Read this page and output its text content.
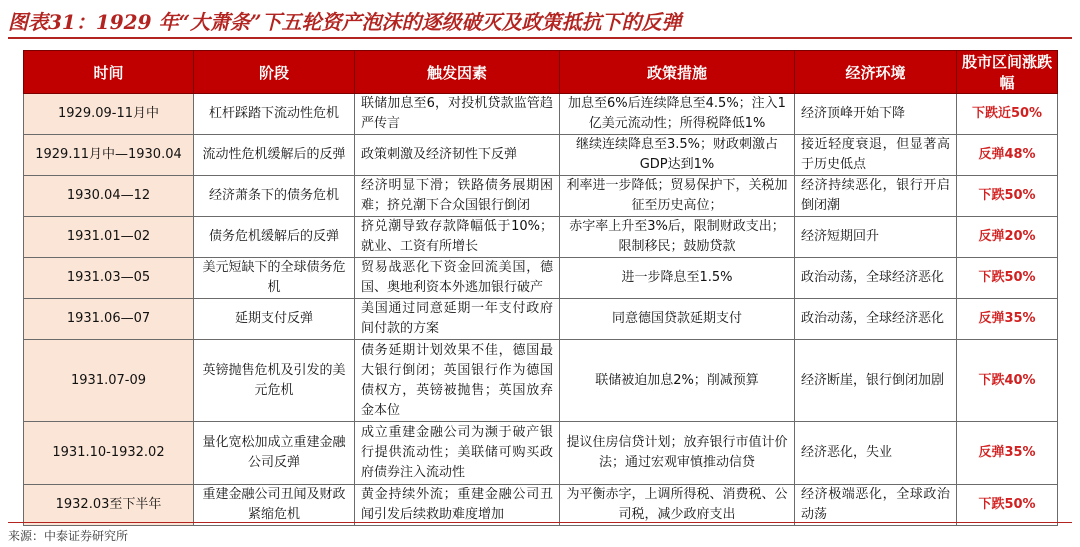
图表31：1929 年“大萧条”下五轮资产泡沫的逐级破灭及政策抵抗下的反弹
时间	阶段	触发因素	政策措施	经济环境	股市区间涨跌幅
1929.09-11月中	杠杆踩踏下流动性危机	联储加息至6，对投机贷款监管趋严传言	加息至6%后连续降息至4.5%；注入1亿美元流动性；所得税降低1%	经济顶峰开始下降	下跌近50%
1929.11月中—1930.04	流动性危机缓解后的反弹	政策刺激及经济韧性下反弹	继续连续降息至3.5%；财政刺激占GDP达到1%	接近轻度衰退，但显著高于历史低点	反弹48%
1930.04—12	经济萧条下的债务危机	经济明显下滑；铁路债务展期困难；挤兑潮下合众国银行倒闭	利率进一步降低；贸易保护下，关税加征至历史高位；	经济持续恶化，银行开启倒闭潮	下跌50%
1931.01—02	债务危机缓解后的反弹	挤兑潮导致存款降幅低于10%；就业、工资有所增长	赤字率上升至3%后，限制财政支出；限制移民；鼓励贷款	经济短期回升	反弹20%
1931.03—05	美元短缺下的全球债务危机	贸易战恶化下资金回流美国，德国、奥地利资本外逃加银行破产	进一步降息至1.5%	政治动荡，全球经济恶化	下跌50%
1931.06—07	延期支付反弹	美国通过同意延期一年支付政府间付款的方案	同意德国贷款延期支付	政治动荡，全球经济恶化	反弹35%
1931.07-09	英镑抛售危机及引发的美元危机	债务延期计划效果不佳，德国最大银行倒闭；英国银行作为德国债权方，英镑被抛售；英国放弃金本位	联储被迫加息2%；削减预算	经济断崖，银行倒闭加剧	下跌40%
1931.10-1932.02	量化宽松加成立重建金融公司反弹	成立重建金融公司为濒于破产银行提供流动性；美联储可购买政府债券注入流动性	提议住房信贷计划；放弃银行市值计价法；通过宏观审慎推动信贷	经济恶化，失业	反弹35%
1932.03至下半年	重建金融公司丑闻及财政紧缩危机	黄金持续外流；重建金融公司丑闻引发后续救助难度增加	为平衡赤字，上调所得税、消费税、公司税，减少政府支出	经济极端恶化，全球政治动荡	下跌50%
来源：中泰证券研究所
